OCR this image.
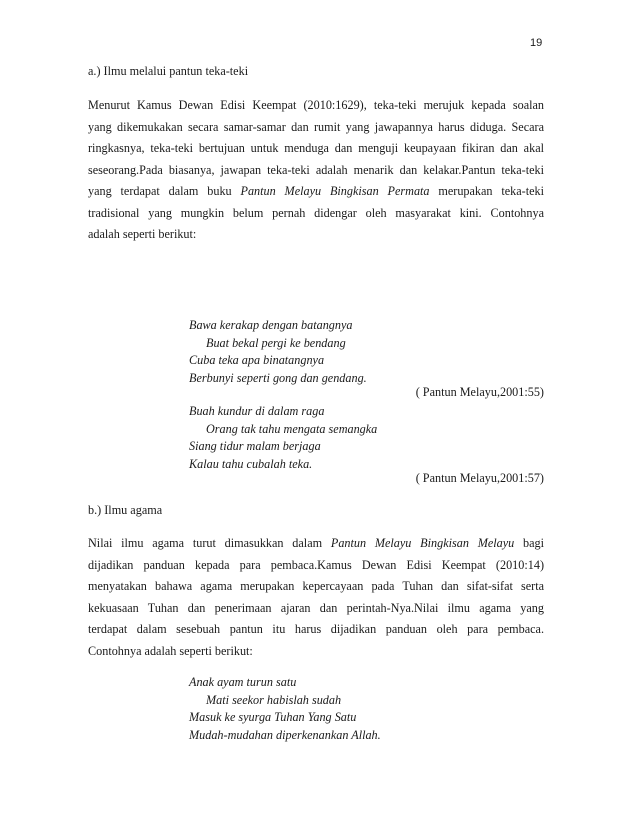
19
a.) Ilmu melalui pantun teka-teki
Menurut Kamus Dewan Edisi Keempat (2010:1629), teka-teki merujuk kepada soalan
yang dikemukakan secara samar-samar dan rumit yang jawapannya harus diduga. Secara
ringkasnya, teka-teki bertujuan untuk menduga dan menguji keupayaan fikiran dan akal
seseorang.Pada biasanya, jawapan teka-teki adalah menarik dan kelakar.Pantun teka-teki
yang terdapat dalam buku Pantun Melayu Bingkisan Permata merupakan teka-teki
tradisional yang mungkin belum pernah didengar oleh masyarakat kini. Contohnya
adalah seperti berikut:
Bawa kerakap dengan batangnya
Buat bekal pergi ke bendang
Cuba teka apa binatangnya
Berbunyi seperti gong dan gendang.
( Pantun Melayu,2001:55)
Buah kundur di dalam raga
Orang tak tahu mengata semangka
Siang tidur malam berjaga
Kalau tahu cubalah teka.
( Pantun Melayu,2001:57)
b.) Ilmu agama
Nilai ilmu agama turut dimasukkan dalam Pantun Melayu Bingkisan Melayu bagi
dijadikan panduan kepada para pembaca.Kamus Dewan Edisi Keempat (2010:14)
menyatakan bahawa agama merupakan kepercayaan pada Tuhan dan sifat-sifat serta
kekuasaan Tuhan dan penerimaan ajaran dan perintah-Nya.Nilai ilmu agama yang
terdapat dalam sesebuah pantun itu harus dijadikan panduan oleh para pembaca.
Contohnya adalah seperti berikut:
Anak ayam turun satu
Mati seekor habislah sudah
Masuk ke syurga Tuhan Yang Satu
Mudah-mudahan diperkenankan Allah.
